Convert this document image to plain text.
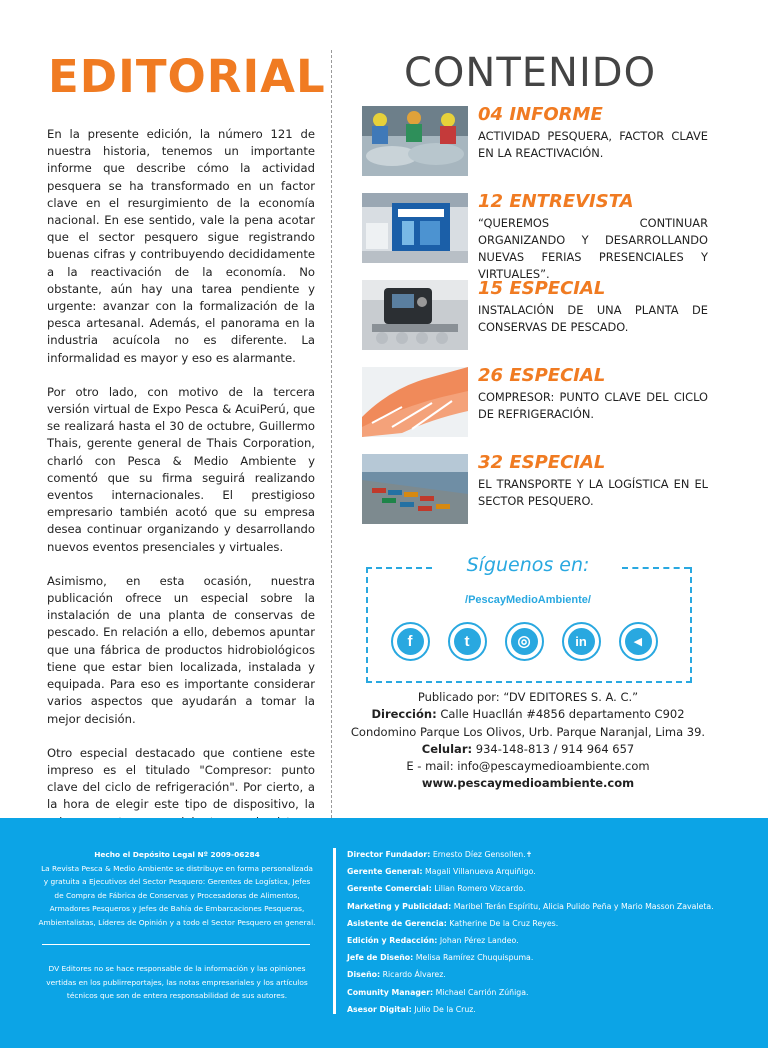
EDITORIAL

En la presente edición, la número 121 de nuestra historia, tenemos un importante informe que describe cómo la actividad pesquera se ha transformado en un factor clave en el resurgimiento de la economía nacional. En ese sentido, vale la pena acotar que el sector pesquero sigue registrando buenas cifras y contribuyendo decididamente a la reactivación de la economía. No obstante, aún hay una tarea pendiente y urgente: avanzar con la formalización de la pesca artesanal. Además, el panorama en la industria acuícola no es diferente. La informalidad es mayor y eso es alarmante.

Por otro lado, con motivo de la tercera versión virtual de Expo Pesca & AcuiPerú, que se realizará hasta el 30 de octubre, Guillermo Thais, gerente general de Thais Corporation, charló con Pesca & Medio Ambiente y comentó que su firma seguirá realizando eventos internacionales. El prestigioso empresario también acotó que su empresa desea continuar organizando y desarrollando nuevos eventos presenciales y virtuales.

Asimismo, en esta ocasión, nuestra publicación ofrece un especial sobre la instalación de una planta de conservas de pescado. En relación a ello, debemos apuntar que una fábrica de productos hidrobiológicos tiene que estar bien localizada, instalada y equipada. Para eso es importante considerar varios aspectos que ayudarán a tomar la mejor decisión.

Otro especial destacado que contiene este impreso es el titulado "Compresor: punto clave del ciclo de refrigeración". Por cierto, a la hora de elegir este tipo de dispositivo, la

CONTENIDO
04 INFORME
ACTIVIDAD PESQUERA, FACTOR CLAVE EN LA REACTIVACIÓN.
12 ENTREVISTA
“QUEREMOS CONTINUAR ORGANIZANDO Y DESARROLLANDO NUEVAS FERIAS PRESENCIALES Y VIRTUALES”.
15 ESPECIAL
INSTALACIÓN DE UNA PLANTA DE CONSERVAS DE PESCADO.
26 ESPECIAL
COMPRESOR: PUNTO CLAVE DEL CICLO DE REFRIGERACIÓN.
32 ESPECIAL
EL TRANSPORTE Y LA LOGÍSTICA EN EL SECTOR PESQUERO.
Síguenos en:
/PescayMedioAmbiente/
f	t	◎	in	◂
Publicado por: “DV EDITORES S. A. C.”
Dirección: Calle Huacllán #4856 departamento C902
Condomino Parque Los Olivos, Urb. Parque Naranjal, Lima 39.
Celular: 934-148-813 / 914 964 657
E - mail: info@pescaymedioambiente.com
www.pescaymedioambiente.com
Hecho el Depósito Legal Nº 2009-06284
La Revista Pesca & Medio Ambiente se distribuye en forma personalizada y gratuita a Ejecutivos del Sector Pesquero: Gerentes de Logística, Jefes de Compra de Fábrica de Conservas y Procesadoras de Alimentos, Armadores Pesqueros y Jefes de Bahía de Embarcaciones Pesqueras, Ambientalistas, Líderes de Opinión y a todo el Sector Pesquero en general.
DV Editores no se hace responsable de la información y las opiniones vertidas en los publirreportajes, las notas empresariales y los artículos técnicos que son de entera responsabilidad de sus autores.
Director Fundador: Ernesto Díez Gensollen.✝
Gerente General: Magali Villanueva Arquiñigo.
Gerente Comercial: Lilian Romero Vizcardo.
Marketing y Publicidad: Maribel Terán Espíritu, Alicia Pulido Peña y Mario Masson Zavaleta.
Asistente de Gerencia: Katherine De la Cruz Reyes.
Edición y Redacción: Johan Pérez Landeo.
Jefe de Diseño: Melisa Ramírez Chuquispuma.
Diseño: Ricardo Álvarez.
Comunity Manager: Michael Carrión Zúñiga.
Asesor Digital: Julio De la Cruz.
